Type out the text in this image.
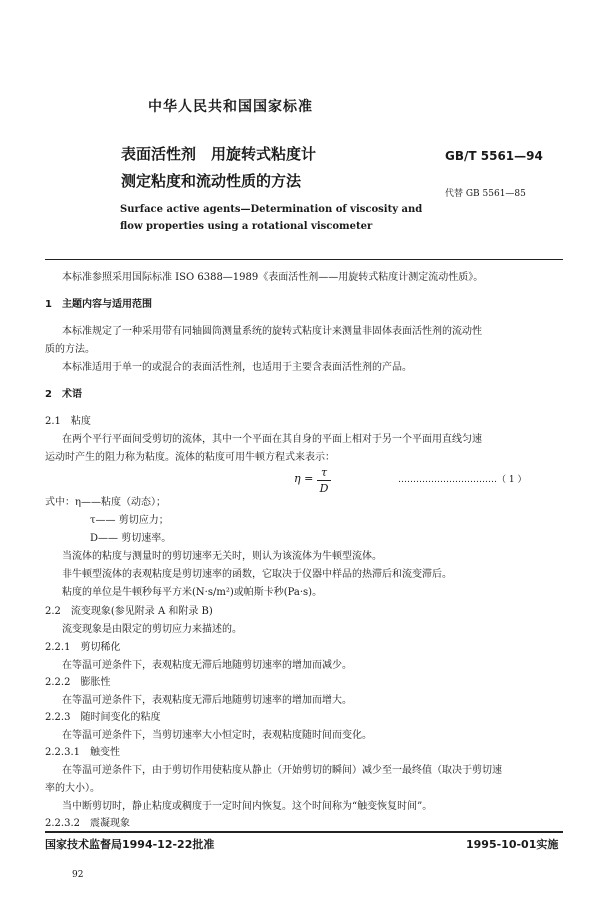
中华人民共和国国家标准
表面活性剂　用旋转式粘度计
测定粘度和流动性质的方法
GB/T 5561—94
代替 GB 5561—85
Surface active agents—Determination of viscosity and
flow properties using a rotational viscometer
本标准参照采用国际标准 ISO 6388—1989《表面活性剂——用旋转式粘度计测定流动性质》。
1　主题内容与适用范围
本标准规定了一种采用带有同轴圆筒测量系统的旋转式粘度计来测量非固体表面活性剂的流动性
质的方法。
本标准适用于单一的或混合的表面活性剂，也适用于主要含表面活性剂的产品。
2　术语
2.1　粘度
在两个平行平面间受剪切的流体，其中一个平面在其自身的平面上相对于另一个平面用直线匀速
运动时产生的阻力称为粘度。流体的粘度可用牛顿方程式来表示：
η = τ
D
……………………………（ 1 ）
式中：η——粘度（动态）；
τ—— 剪切应力；
D—— 剪切速率。
当流体的粘度与测量时的剪切速率无关时，则认为该流体为牛顿型流体。
非牛顿型流体的表观粘度是剪切速率的函数，它取决于仪器中样品的热滞后和流变滞后。
粘度的单位是牛顿秒每平方米(N·s/m²)或帕斯卡秒(Pa·s)。
2.2　流变现象(参见附录 A 和附录 B)
流变现象是由限定的剪切应力来描述的。
2.2.1　剪切稀化
在等温可逆条件下，表观粘度无滞后地随剪切速率的增加而减少。
2.2.2　膨胀性
在等温可逆条件下，表观粘度无滞后地随剪切速率的增加而增大。
2.2.3　随时间变化的粘度
在等温可逆条件下，当剪切速率大小恒定时，表观粘度随时间而变化。
2.2.3.1　触变性
在等温可逆条件下，由于剪切作用使粘度从静止（开始剪切的瞬间）减少至一最终值（取决于剪切速
率的大小）。
当中断剪切时，静止粘度或稠度于一定时间内恢复。这个时间称为“触变恢复时间”。
2.2.3.2　震凝现象
国家技术监督局1994-12-22批准	1995-10-01实施
92
